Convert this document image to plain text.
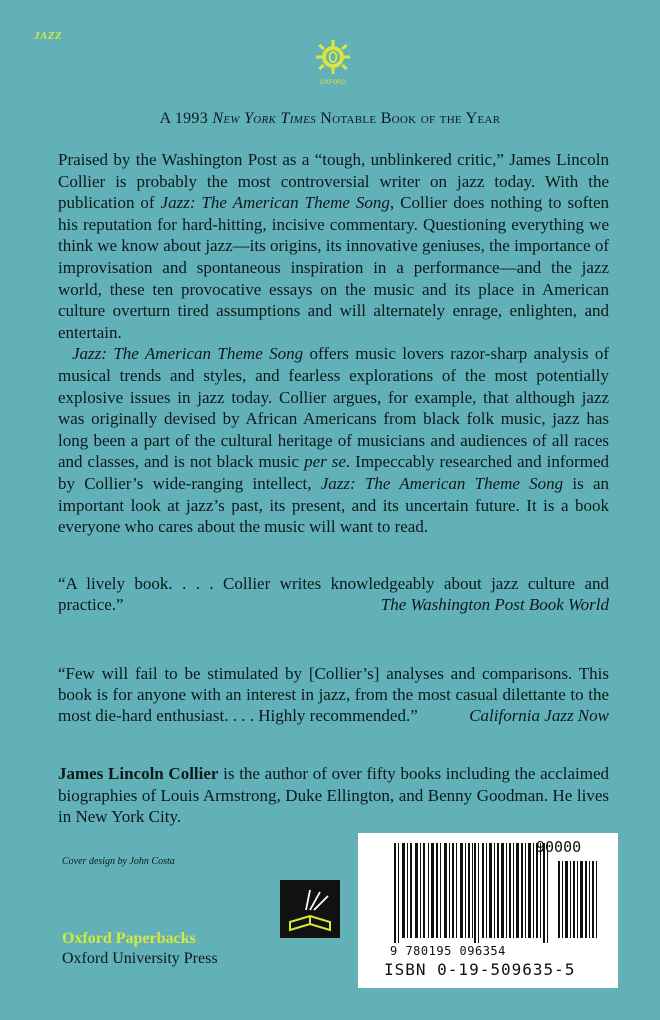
JAZZ
OXFORD
A 1993 New York Times Notable Book of the Year

Praised by the Washington Post as a “tough, unblinkered critic,” James Lincoln Collier is probably the most controversial writer on jazz today. With the publication of Jazz: The American Theme Song, Collier does nothing to soften his reputation for hard-hitting, incisive commentary. Questioning everything we think we know about jazz—its origins, its innovative geniuses, the importance of improvisation and spontaneous inspiration in a performance—and the jazz world, these ten provocative essays on the music and its place in American culture overturn tired assumptions and will alternately enrage, enlighten, and entertain.

Jazz: The American Theme Song offers music lovers razor-sharp analysis of musical trends and styles, and fearless explorations of the most potentially explosive issues in jazz today. Collier argues, for example, that although jazz was originally devised by African Americans from black folk music, jazz has long been a part of the cultural heritage of musicians and audiences of all races and classes, and is not black music per se. Impeccably researched and informed by Collier’s wide-ranging intellect, Jazz: The American Theme Song is an important look at jazz’s past, its present, and its uncertain future. It is a book everyone who cares about the music will want to read.

“A lively book. . . . Collier writes knowledgeably about jazz culture and practice.”	The Washington Post Book World
“Few will fail to be stimulated by [Collier’s] analyses and comparisons. This book is for anyone with an interest in jazz, from the most casual dilettante to the most die-hard enthusiast. . . . Highly recommended.”	California Jazz Now
James Lincoln Collier is the author of over fifty books including the acclaimed biographies of Louis Armstrong, Duke Ellington, and Benny Goodman. He lives in New York City.
Cover design by John Costa
Oxford Paperbacks
Oxford University Press
90000
9 780195 096354
ISBN 0-19-509635-5
